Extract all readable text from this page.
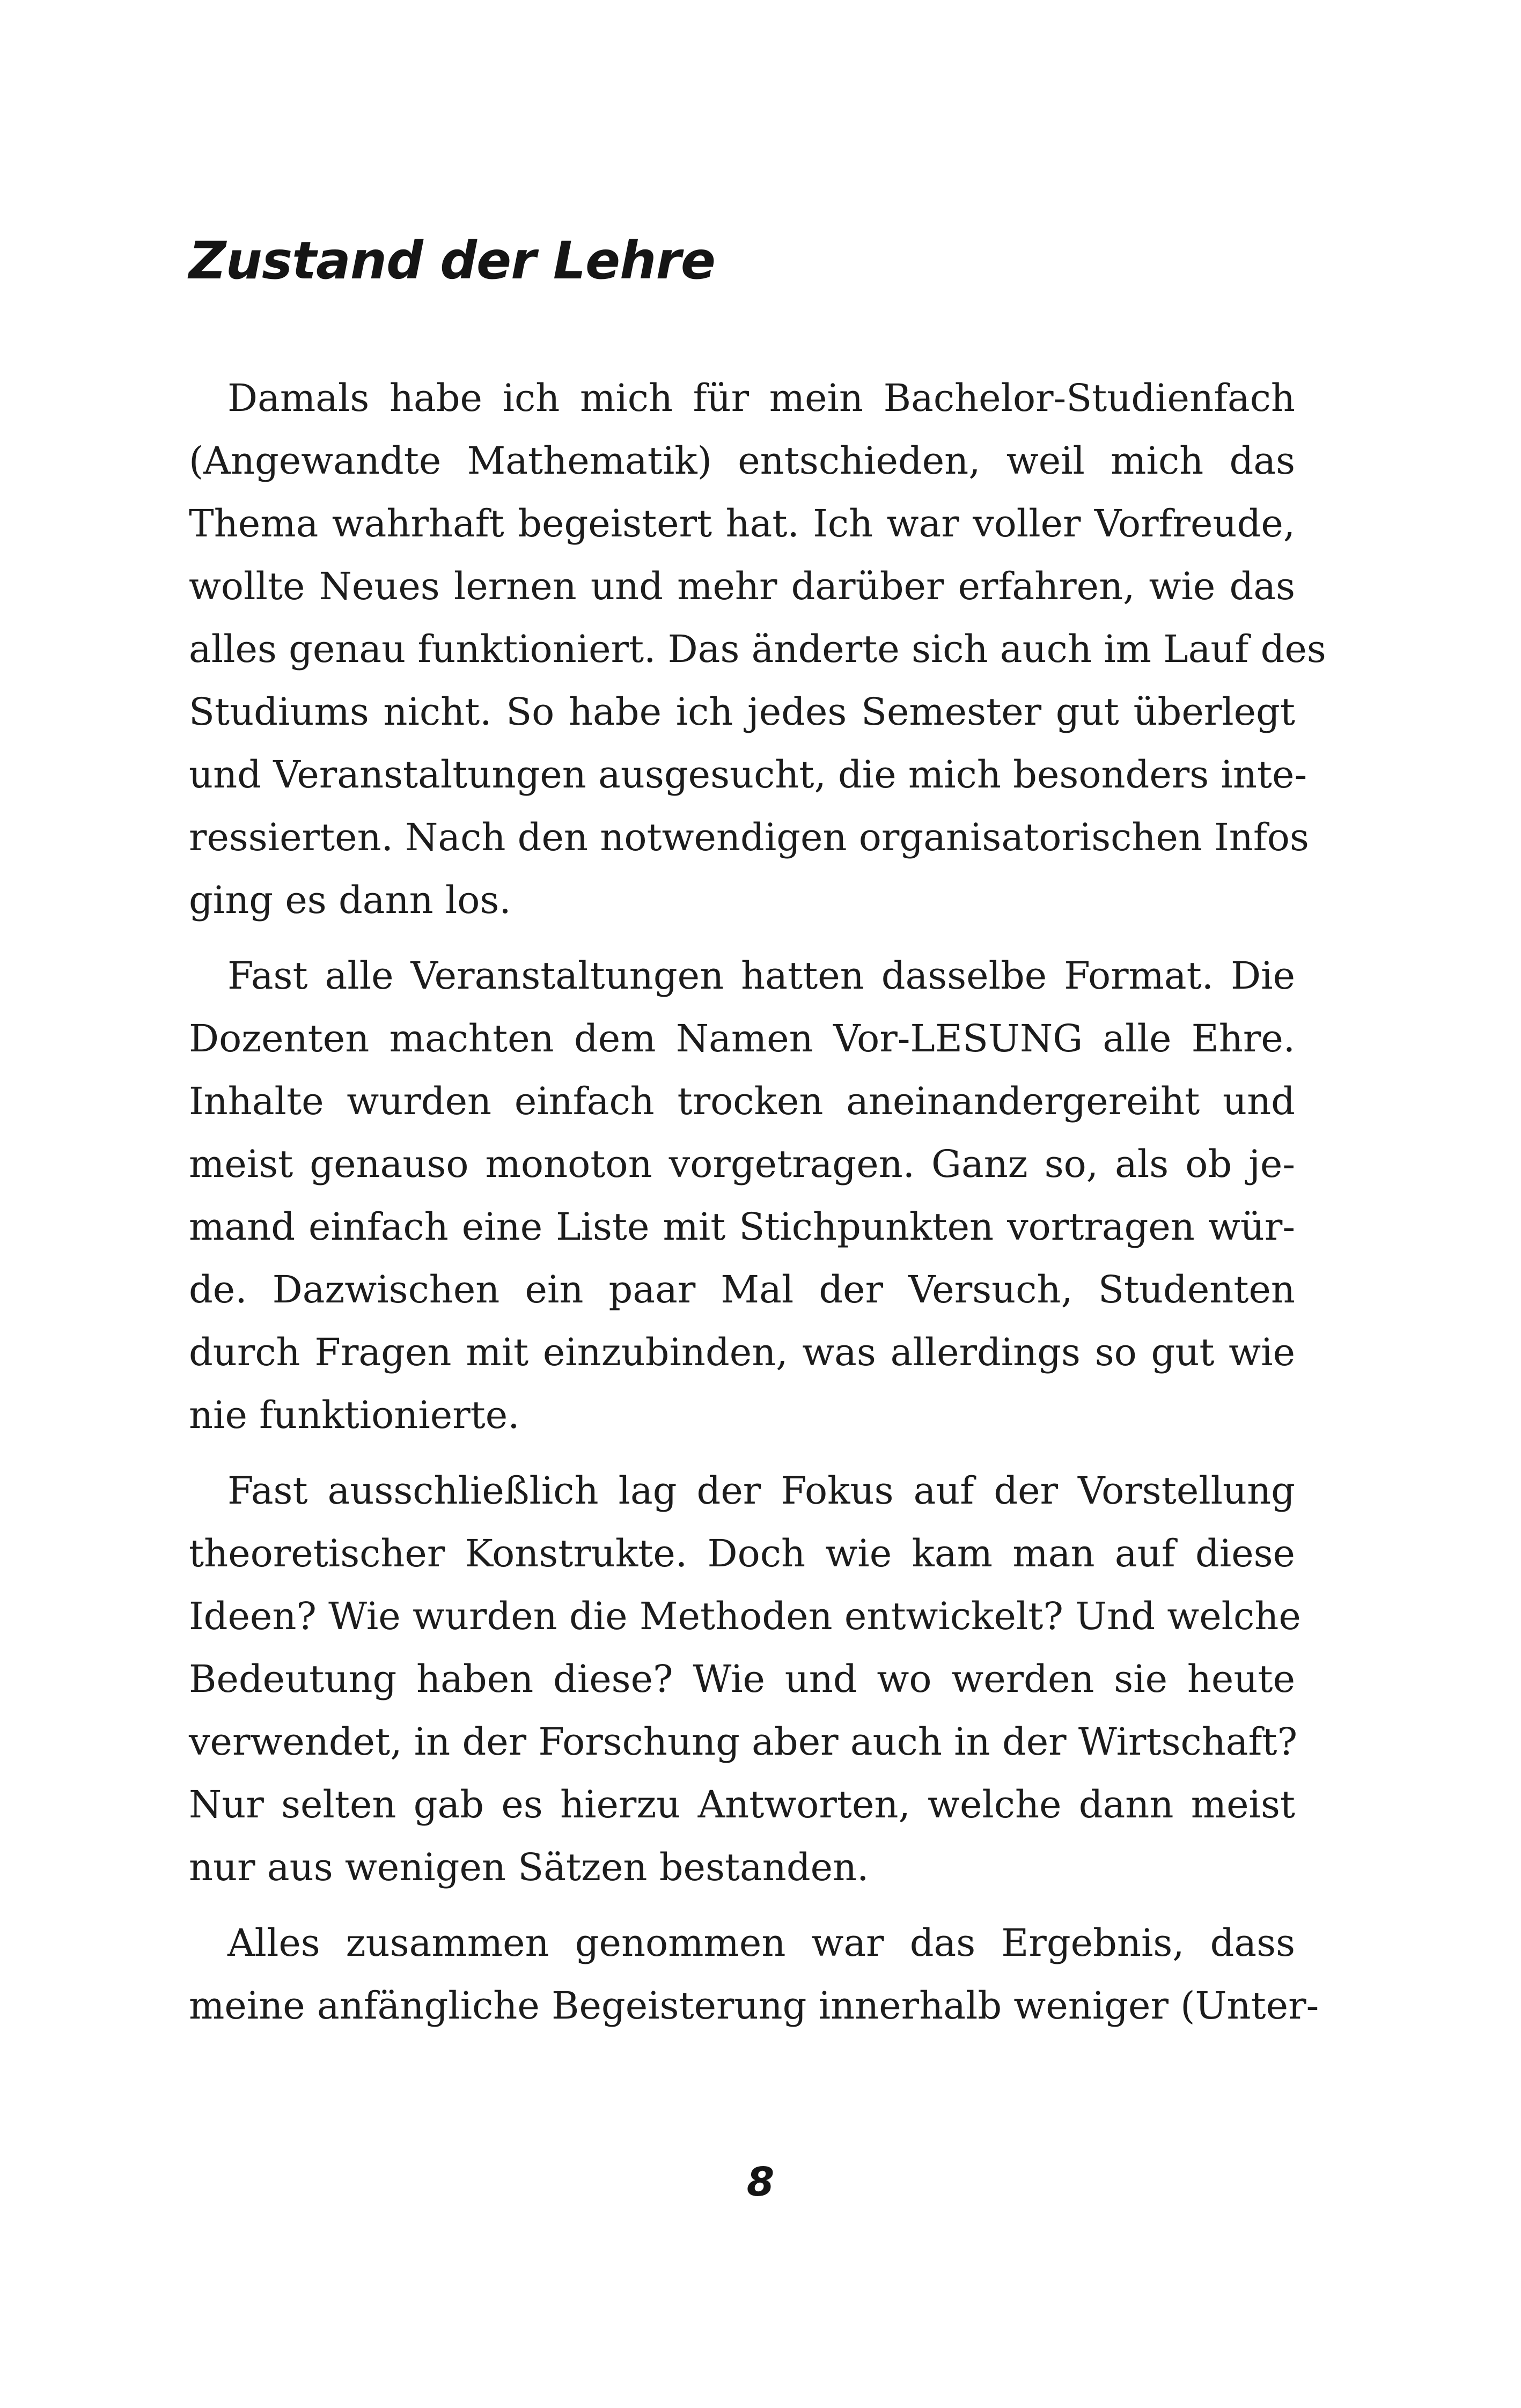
Zustand der Lehre
Damals habe ich mich für mein Bachelor-Studienfach
(Angewandte Mathematik) entschieden, weil mich das
Thema wahrhaft begeistert hat. Ich war voller Vorfreude,
wollte Neues lernen und mehr darüber erfahren, wie das
alles genau funktioniert. Das änderte sich auch im Lauf des
Studiums nicht. So habe ich jedes Semester gut überlegt
und Veranstaltungen ausgesucht, die mich besonders inte-
ressierten. Nach den notwendigen organisatorischen Infos
ging es dann los.
Fast alle Veranstaltungen hatten dasselbe Format. Die
Dozenten machten dem Namen Vor-LESUNG alle Ehre.
Inhalte wurden einfach trocken aneinandergereiht und
meist genauso monoton vorgetragen. Ganz so, als ob je-
mand einfach eine Liste mit Stichpunkten vortragen wür-
de. Dazwischen ein paar Mal der Versuch, Studenten
durch Fragen mit einzubinden, was allerdings so gut wie
nie funktionierte.
Fast ausschließlich lag der Fokus auf der Vorstellung
theoretischer Konstrukte. Doch wie kam man auf diese
Ideen? Wie wurden die Methoden entwickelt? Und welche
Bedeutung haben diese? Wie und wo werden sie heute
verwendet, in der Forschung aber auch in der Wirtschaft?
Nur selten gab es hierzu Antworten, welche dann meist
nur aus wenigen Sätzen bestanden.
Alles zusammen genommen war das Ergebnis, dass
meine anfängliche Begeisterung innerhalb weniger (Unter-
8
